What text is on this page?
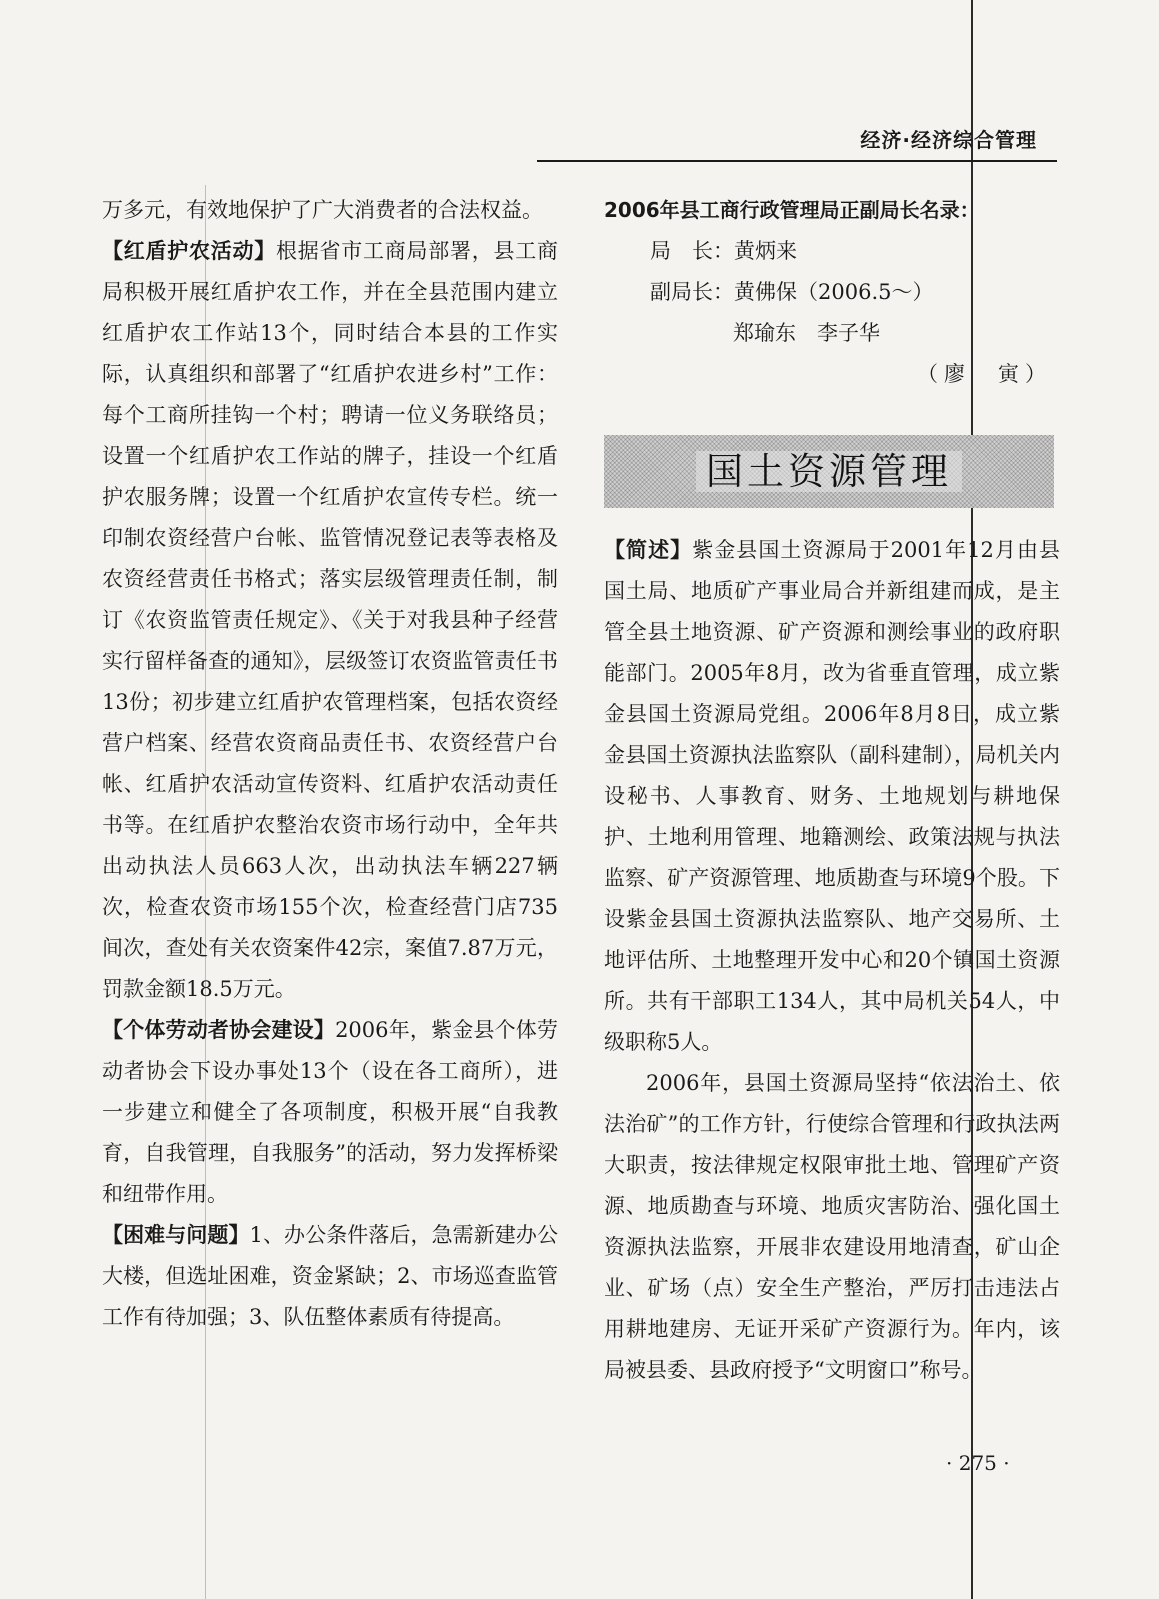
经济·经济综合管理

万多元，有效地保护了广大消费者的合法权益。

【红盾护农活动】根据省市工商局部署，县工商局积极开展红盾护农工作，并在全县范围内建立红盾护农工作站13个，同时结合本县的工作实际，认真组织和部署了“红盾护农进乡村”工作：每个工商所挂钩一个村；聘请一位义务联络员；设置一个红盾护农工作站的牌子，挂设一个红盾护农服务牌；设置一个红盾护农宣传专栏。统一印制农资经营户台帐、监管情况登记表等表格及农资经营责任书格式；落实层级管理责任制，制订《农资监管责任规定》、《关于对我县种子经营实行留样备查的通知》，层级签订农资监管责任书13份；初步建立红盾护农管理档案，包括农资经营户档案、经营农资商品责任书、农资经营户台帐、红盾护农活动宣传资料、红盾护农活动责任书等。在红盾护农整治农资市场行动中，全年共出动执法人员663人次，出动执法车辆227辆次，检查农资市场155个次，检查经营门店735间次，查处有关农资案件42宗，案值7.87万元，罚款金额18.5万元。

【个体劳动者协会建设】2006年，紫金县个体劳动者协会下设办事处13个（设在各工商所），进一步建立和健全了各项制度，积极开展“自我教育，自我管理，自我服务”的活动，努力发挥桥梁和纽带作用。

【困难与问题】1、办公条件落后，急需新建办公大楼，但选址困难，资金紧缺；2、市场巡查监管工作有待加强；3、队伍整体素质有待提高。

2006年县工商行政管理局正副局长名录：
局　长：黄炳来
副局长：黄佛保（2006.5～）
郑瑜东　李子华
（廖　寅）
国土资源管理

【简述】紫金县国土资源局于2001年12月由县国土局、地质矿产事业局合并新组建而成，是主管全县土地资源、矿产资源和测绘事业的政府职能部门。2005年8月，改为省垂直管理，成立紫金县国土资源局党组。2006年8月8日，成立紫金县国土资源执法监察队（副科建制），局机关内设秘书、人事教育、财务、土地规划与耕地保护、土地利用管理、地籍测绘、政策法规与执法监察、矿产资源管理、地质勘查与环境9个股。下设紫金县国土资源执法监察队、地产交易所、土地评估所、土地整理开发中心和20个镇国土资源所。共有干部职工134人，其中局机关54人，中级职称5人。

2006年，县国土资源局坚持“依法治土、依法治矿”的工作方针，行使综合管理和行政执法两大职责，按法律规定权限审批土地、管理矿产资源、地质勘查与环境、地质灾害防治、强化国土资源执法监察，开展非农建设用地清查，矿山企业、矿场（点）安全生产整治，严厉打击违法占用耕地建房、无证开采矿产资源行为。年内，该局被县委、县政府授予“文明窗口”称号。

· 275 ·
